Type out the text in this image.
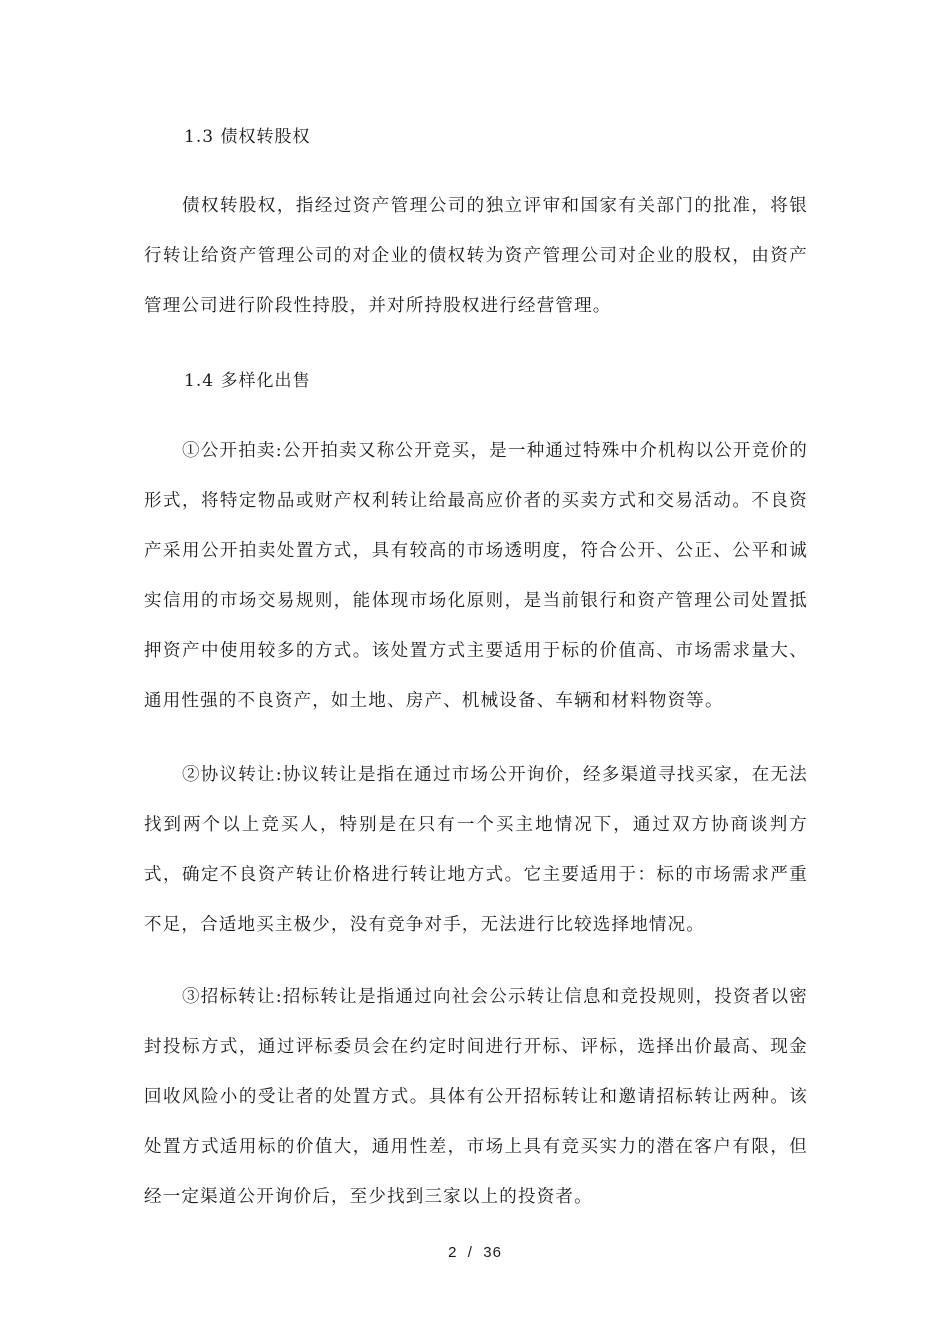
1.3 债权转股权

债权转股权，指经过资产管理公司的独立评审和国家有关部门的批准，将银行转让给资产管理公司的对企业的债权转为资产管理公司对企业的股权，由资产管理公司进行阶段性持股，并对所持股权进行经营管理。

1.4 多样化出售

①公开拍卖:公开拍卖又称公开竞买，是一种通过特殊中介机构以公开竞价的形式，将特定物品或财产权利转让给最高应价者的买卖方式和交易活动。不良资产采用公开拍卖处置方式，具有较高的市场透明度，符合公开、公正、公平和诚实信用的市场交易规则，能体现市场化原则，是当前银行和资产管理公司处置抵押资产中使用较多的方式。该处置方式主要适用于标的价值高、市场需求量大、通用性强的不良资产，如土地、房产、机械设备、车辆和材料物资等。

②协议转让:协议转让是指在通过市场公开询价，经多渠道寻找买家，在无法找到两个以上竞买人，特别是在只有一个买主地情况下，通过双方协商谈判方式，确定不良资产转让价格进行转让地方式。它主要适用于：标的市场需求严重不足，合适地买主极少，没有竞争对手，无法进行比较选择地情况。

③招标转让:招标转让是指通过向社会公示转让信息和竞投规则，投资者以密封投标方式，通过评标委员会在约定时间进行开标、评标，选择出价最高、现金回收风险小的受让者的处置方式。具体有公开招标转让和邀请招标转让两种。该处置方式适用标的价值大，通用性差，市场上具有竞买实力的潜在客户有限，但经一定渠道公开询价后，至少找到三家以上的投资者。

2  /  36
